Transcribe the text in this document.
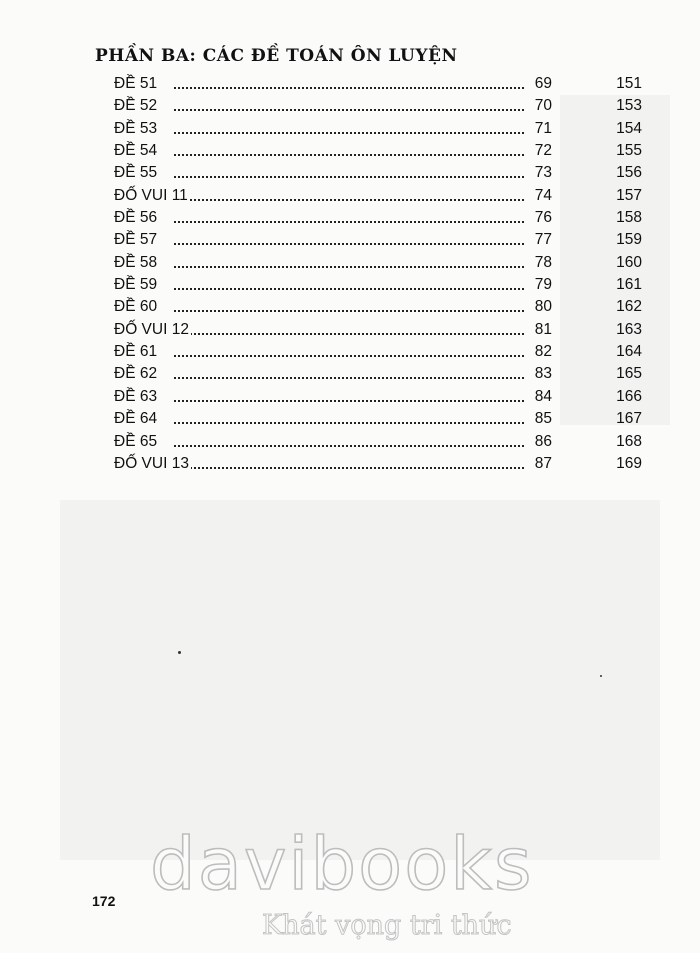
PHẦN BA: CÁC ĐỀ TOÁN ÔN LUYỆN
ĐỀ 51	69	151
ĐỀ 52	70	153
ĐỀ 53	71	154
ĐỀ 54	72	155
ĐỀ 55	73	156
ĐỐ VUI 11	74	157
ĐỀ 56	76	158
ĐỀ 57	77	159
ĐỀ 58	78	160
ĐỀ 59	79	161
ĐỀ 60	80	162
ĐỐ VUI 12	81	163
ĐỀ 61	82	164
ĐỀ 62	83	165
ĐỀ 63	84	166
ĐỀ 64	85	167
ĐỀ 65	86	168
ĐỐ VUI 13	87	169
davibooks
Khát vọng tri thức
172
